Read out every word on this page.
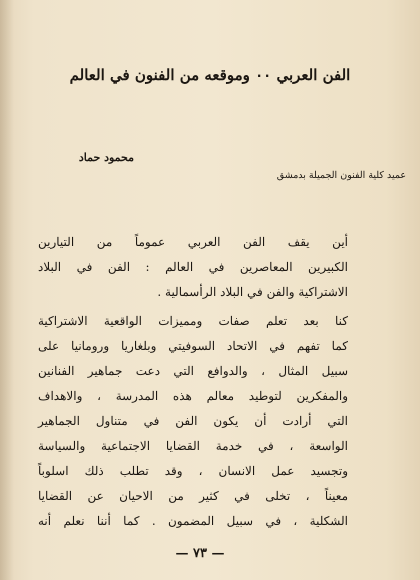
الفن العربي ۰۰ وموقعه من الفنون في العالم
محمود حماد
عميد كلية الفنون الجميلة بدمشق
أين يقف الفن العربي عموماً من التيارين
الكبيرين المعاصرين في العالم : الفن في البلاد
الاشتراكية والفن في البلاد الرأسمالية .
كنا بعد تعلم صفات ومميزات الواقعية الاشتراكية
كما تفهم في الاتحاد السوفيتي وبلغاريا ورومانيا على
سبيل المثال ، والدوافع التي دعت جماهير الفنانين
والمفكرين لتوطيد معالم هذه المدرسة ، والاهداف
التي أرادت أن يكون الفن في متناول الجماهير
الواسعة ، في خدمة القضايا الاجتماعية والسياسة
وتجسيد عمل الانسان ، وقد تطلب ذلك اسلوباً
معيناً ، تخلى في كثير من الاحيان عن القضايا
الشكلية ، في سبيل المضمون . كما أننا نعلم أنه
— ٧٣ —
